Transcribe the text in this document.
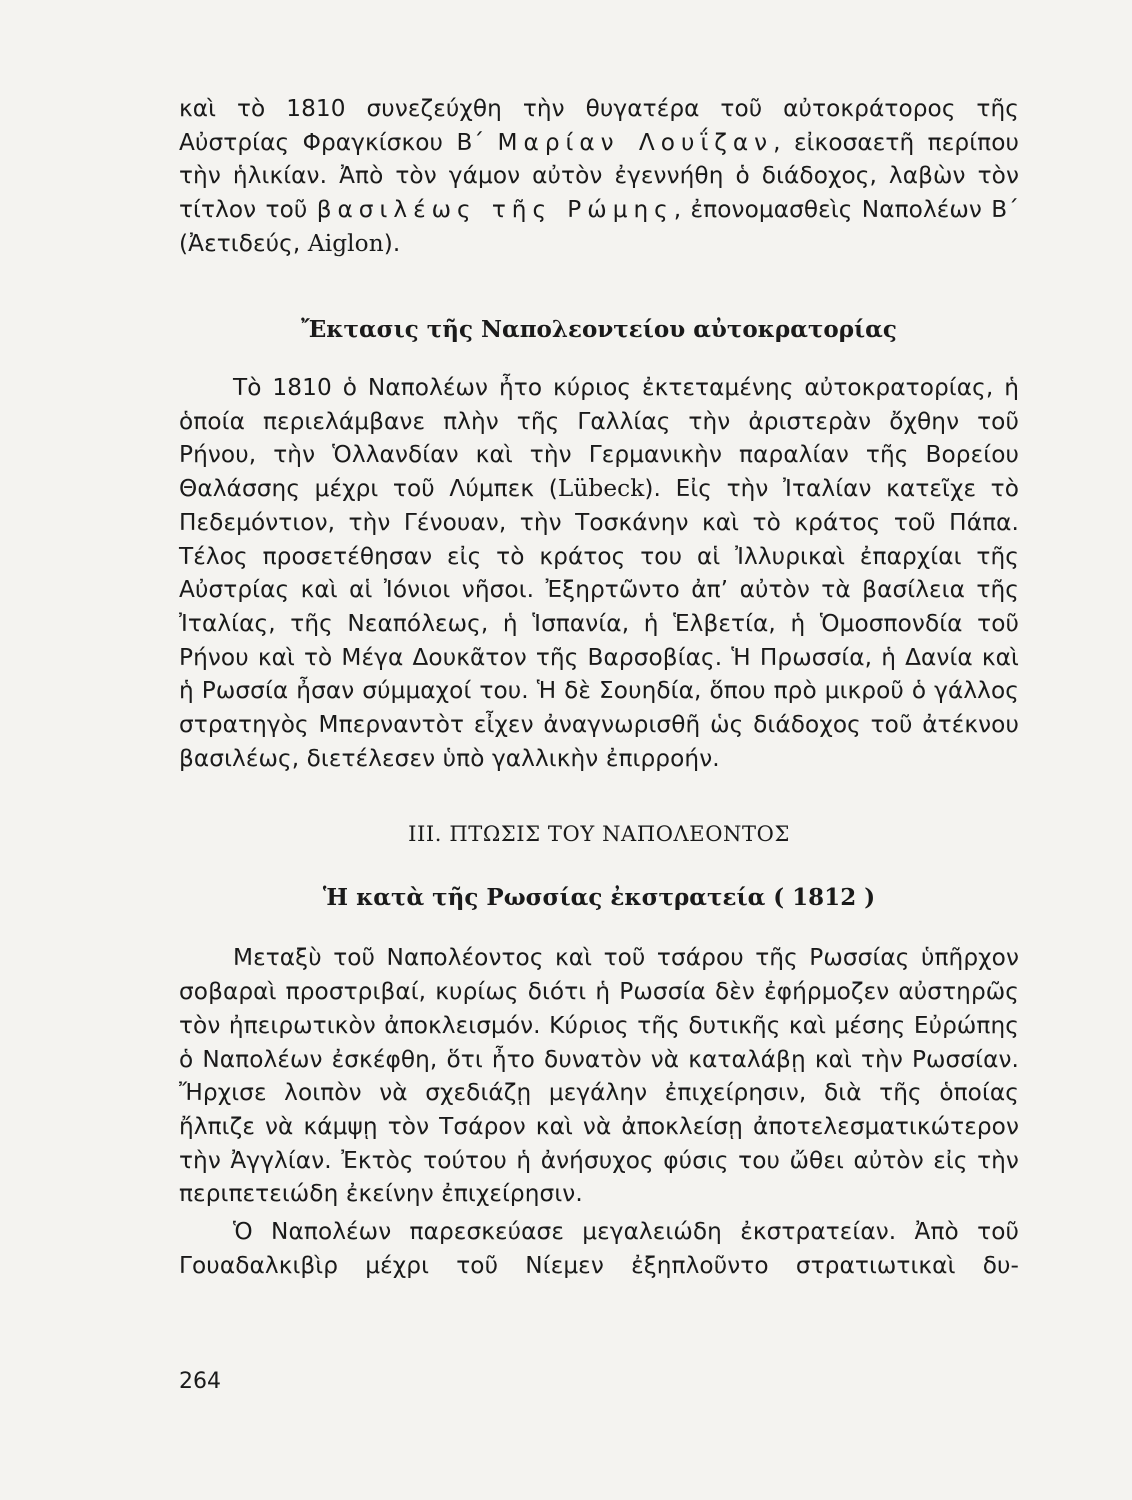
καὶ τὸ 1810 συνεζεύχθη τὴν θυγατέρα τοῦ αὐτοκράτορος τῆς Αὐστρίας Φραγκίσκου Β΄ Μαρίαν Λουΐζαν, εἰκοσαετῆ περίπου τὴν ἡλικίαν. Ἀπὸ τὸν γάμον αὐτὸν ἐγεννήθη ὁ διάδοχος, λαβὼν τὸν τίτλον τοῦ βασιλέως τῆς Ρώμης, ἐπονομασθεὶς Ναπολέων Β΄ (Ἀετιδεύς, Aiglon).

Ἔκτασις τῆς Ναπολεοντείου αὐτοκρατορίας

Τὸ 1810 ὁ Ναπολέων ἦτο κύριος ἐκτεταμένης αὐτοκρατορίας, ἡ ὁποία περιελάμβανε πλὴν τῆς Γαλλίας τὴν ἀριστερὰν ὄχθην τοῦ Ρήνου, τὴν Ὁλλανδίαν καὶ τὴν Γερμανικὴν παραλίαν τῆς Βορείου Θαλάσσης μέχρι τοῦ Λύμπεκ (Lübeck). Εἰς τὴν Ἰταλίαν κατεῖχε τὸ Πεδεμόντιον, τὴν Γένουαν, τὴν Τοσκάνην καὶ τὸ κράτος τοῦ Πάπα. Τέλος προσετέθησαν εἰς τὸ κράτος του αἱ Ἰλλυρικαὶ ἐπαρχίαι τῆς Αὐστρίας καὶ αἱ Ἰόνιοι νῆσοι. Ἐξηρτῶντο ἀπ’ αὐτὸν τὰ βασίλεια τῆς Ἰταλίας, τῆς Νεαπόλεως, ἡ Ἱσπανία, ἡ Ἑλβετία, ἡ Ὁμοσπονδία τοῦ Ρήνου καὶ τὸ Μέγα Δουκᾶτον τῆς Βαρσοβίας. Ἡ Πρωσσία, ἡ Δανία καὶ ἡ Ρωσσία ἦσαν σύμμαχοί του. Ἡ δὲ Σουηδία, ὅπου πρὸ μικροῦ ὁ γάλλος στρατηγὸς Μπερναντὸτ εἶχεν ἀναγνωρισθῆ ὡς διάδοχος τοῦ ἀτέκνου βασιλέως, διετέλεσεν ὑπὸ γαλλικὴν ἐπιρροήν.

III. ΠΤΩΣΙΣ ΤΟΥ ΝΑΠΟΛΕΟΝΤΟΣ
Ἡ κατὰ τῆς Ρωσσίας ἐκστρατεία ( 1812 )

Μεταξὺ τοῦ Ναπολέοντος καὶ τοῦ τσάρου τῆς Ρωσσίας ὑπῆρχον σοβαραὶ προστριβαί, κυρίως διότι ἡ Ρωσσία δὲν ἐφήρμοζεν αὐστηρῶς τὸν ἠπειρωτικὸν ἀποκλεισμόν. Κύριος τῆς δυτικῆς καὶ μέσης Εὐρώπης ὁ Ναπολέων ἐσκέφθη, ὅτι ἦτο δυνατὸν νὰ καταλάβῃ καὶ τὴν Ρωσσίαν. Ἤρχισε λοιπὸν νὰ σχεδιάζῃ μεγάλην ἐπιχείρησιν, διὰ τῆς ὁποίας ἤλπιζε νὰ κάμψῃ τὸν Τσάρον καὶ νὰ ἀποκλείσῃ ἀποτελεσματικώτερον τὴν Ἀγγλίαν. Ἐκτὸς τούτου ἡ ἀνήσυχος φύσις του ὤθει αὐτὸν εἰς τὴν περιπετειώδη ἐκείνην ἐπιχείρησιν.

Ὁ Ναπολέων παρεσκεύασε μεγαλειώδη ἐκστρατείαν. Ἀπὸ τοῦ Γουαδαλκιβὶρ μέχρι τοῦ Νίεμεν ἐξηπλοῦντο στρατιωτικαὶ δυ-

264
